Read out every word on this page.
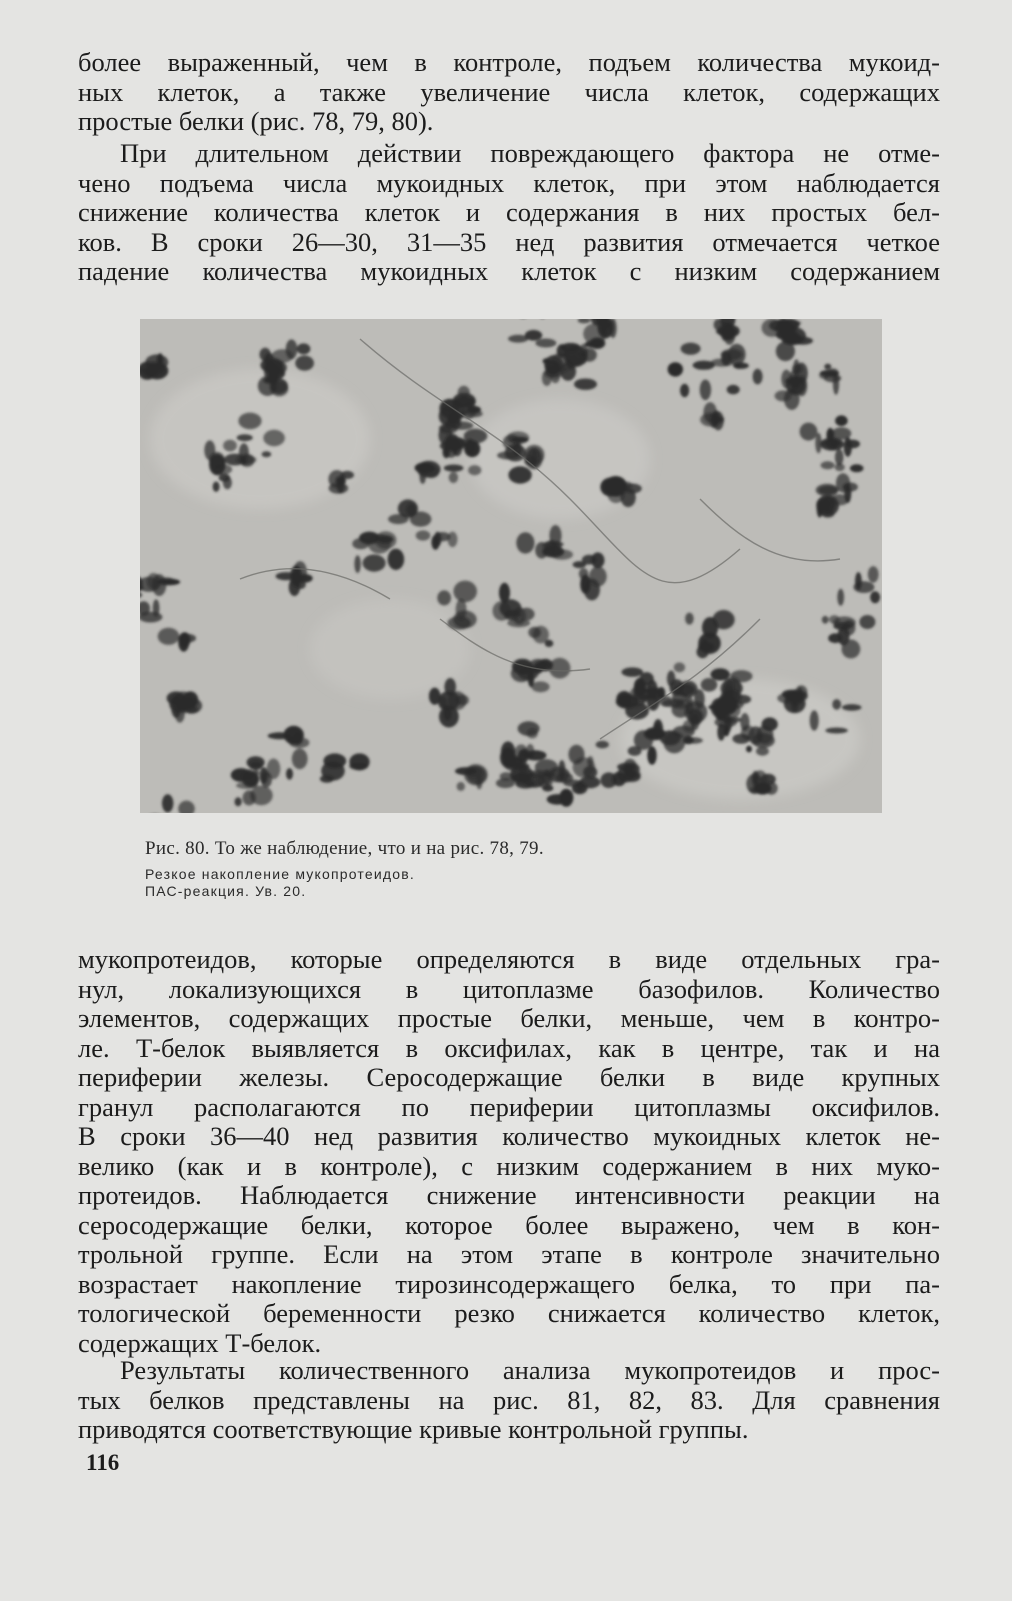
более выраженный, чем в контроле, подъем количества мукоид-
ных клеток, а также увеличение числа клеток, содержащих
простые белки (рис. 78, 79, 80).

При длительном действии повреждающего фактора не отме-
чено подъема числа мукоидных клеток, при этом наблюдается
снижение количества клеток и содержания в них простых бел-
ков. В сроки 26—30, 31—35 нед развития отмечается четкое
падение количества мукоидных клеток с низким содержанием

Рис. 80. То же наблюдение, что и на рис. 78, 79.
Резкое накопление мукопротеидов.
ПАС-реакция. Ув. 20.

мукопротеидов, которые определяются в виде отдельных гра-
нул, локализующихся в цитоплазме базофилов. Количество
элементов, содержащих простые белки, меньше, чем в контро-
ле. Т-белок выявляется в оксифилах, как в центре, так и на
периферии железы. Серосодержащие белки в виде крупных
гранул располагаются по периферии цитоплазмы оксифилов.
В сроки 36—40 нед развития количество мукоидных клеток не-
велико (как и в контроле), с низким содержанием в них муко-
протеидов. Наблюдается снижение интенсивности реакции на
серосодержащие белки, которое более выражено, чем в кон-
трольной группе. Если на этом этапе в контроле значительно
возрастает накопление тирозинсодержащего белка, то при па-
тологической беременности резко снижается количество клеток,
содержащих Т-белок.

Результаты количественного анализа мукопротеидов и прос-
тых белков представлены на рис. 81, 82, 83. Для сравнения
приводятся соответствующие кривые контрольной группы.

116
